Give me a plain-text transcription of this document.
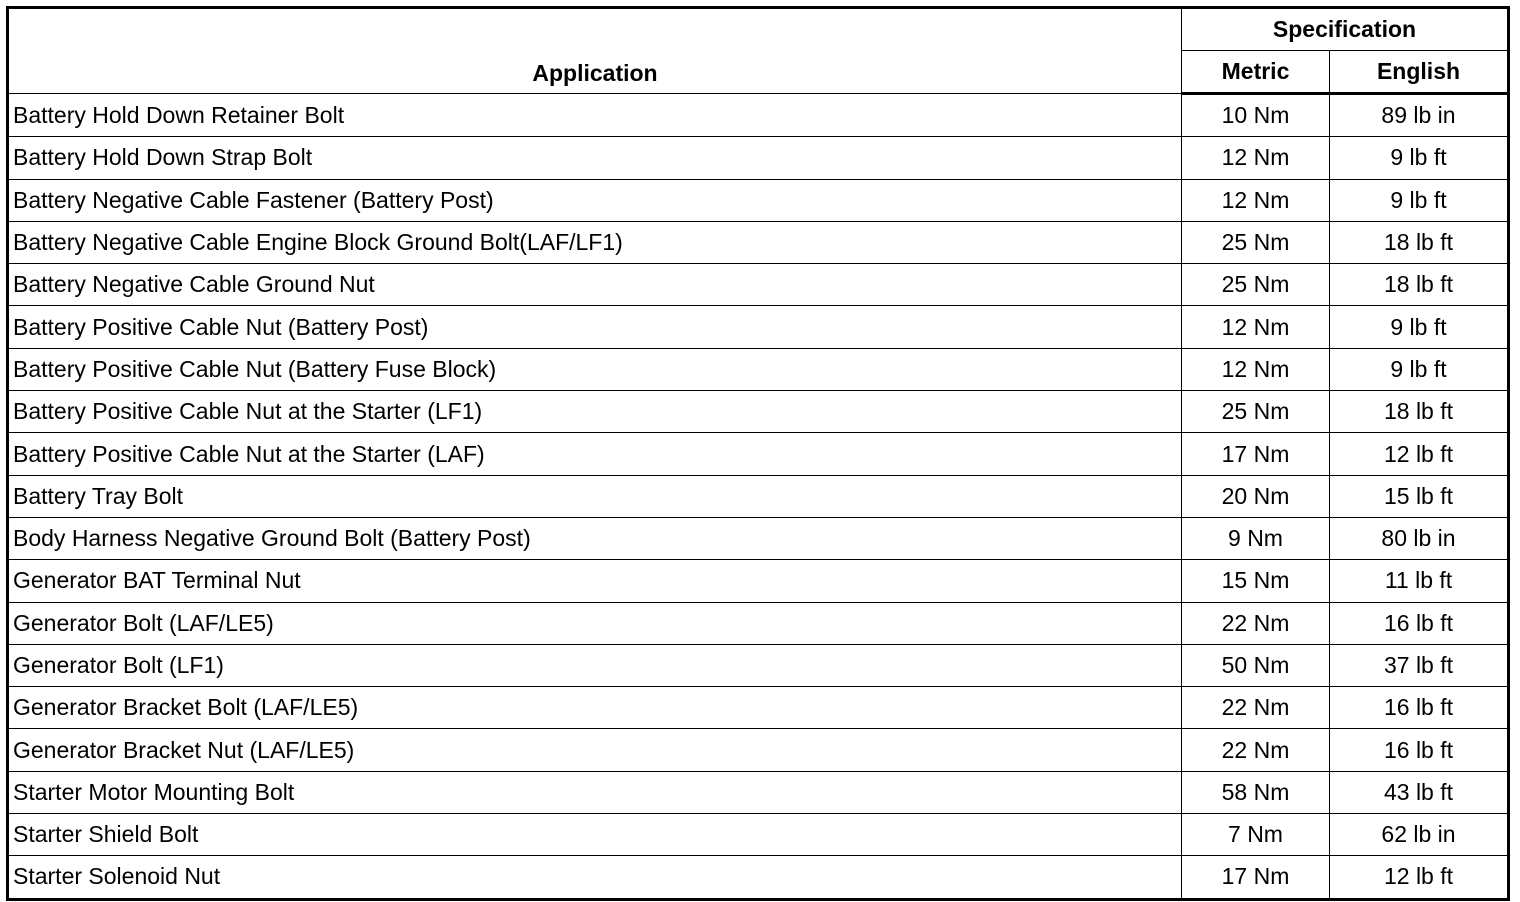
Application	Specification	
	Metric	English
Battery Hold Down Retainer Bolt	10 Nm	89 lb in
Battery Hold Down Strap Bolt	12 Nm	9 lb ft
Battery Negative Cable Fastener (Battery Post)	12 Nm	9 lb ft
Battery Negative Cable Engine Block Ground Bolt(LAF/LF1)	25 Nm	18 lb ft
Battery Negative Cable Ground Nut	25 Nm	18 lb ft
Battery Positive Cable Nut (Battery Post)	12 Nm	9 lb ft
Battery Positive Cable Nut (Battery Fuse Block)	12 Nm	9 lb ft
Battery Positive Cable Nut at the Starter (LF1)	25 Nm	18 lb ft
Battery Positive Cable Nut at the Starter (LAF)	17 Nm	12 lb ft
Battery Tray Bolt	20 Nm	15 lb ft
Body Harness Negative Ground Bolt (Battery Post)	9 Nm	80 lb in
Generator BAT Terminal Nut	15 Nm	11 lb ft
Generator Bolt (LAF/LE5)	22 Nm	16 lb ft
Generator Bolt (LF1)	50 Nm	37 lb ft
Generator Bracket Bolt (LAF/LE5)	22 Nm	16 lb ft
Generator Bracket Nut (LAF/LE5)	22 Nm	16 lb ft
Starter Motor Mounting Bolt	58 Nm	43 lb ft
Starter Shield Bolt	7 Nm	62 lb in
Starter Solenoid Nut	17 Nm	12 lb ft
